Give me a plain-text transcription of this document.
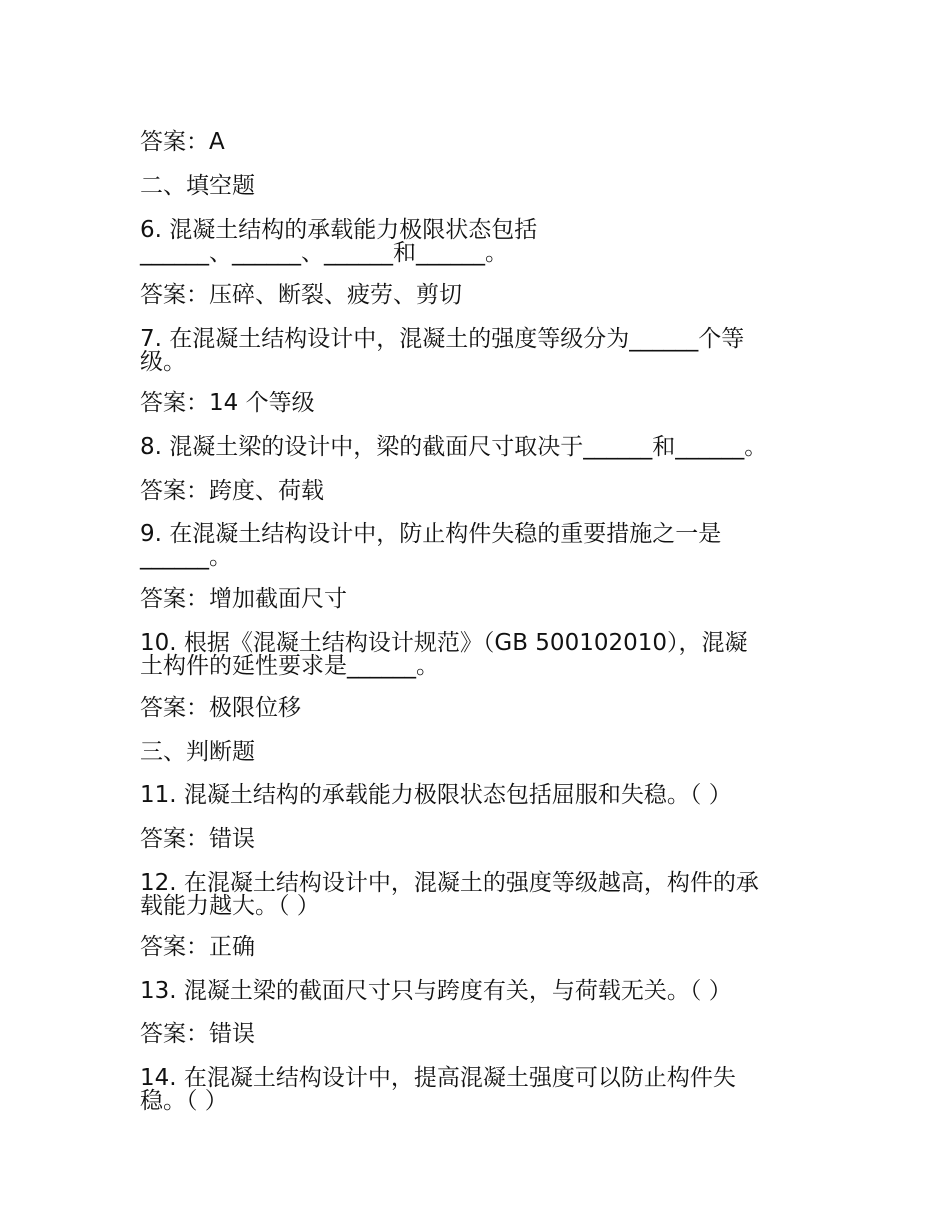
答案：A
二、填空题
6. 混凝土结构的承载能力极限状态包括
______、______、______和______。
答案：压碎、断裂、疲劳、剪切
7. 在混凝土结构设计中，混凝土的强度等级分为______个等
级。
答案：14 个等级
8. 混凝土梁的设计中，梁的截面尺寸取决于______和______。
答案：跨度、荷载
9. 在混凝土结构设计中，防止构件失稳的重要措施之一是
______。
答案：增加截面尺寸
10. 根据《混凝土结构设计规范》（GB 500102010），混凝
土构件的延性要求是______。
答案：极限位移
三、判断题
11. 混凝土结构的承载能力极限状态包括屈服和失稳。（ ）
答案：错误
12. 在混凝土结构设计中，混凝土的强度等级越高，构件的承
载能力越大。（ ）
答案：正确
13. 混凝土梁的截面尺寸只与跨度有关，与荷载无关。（ ）
答案：错误
14. 在混凝土结构设计中，提高混凝土强度可以防止构件失
稳。（ ）
